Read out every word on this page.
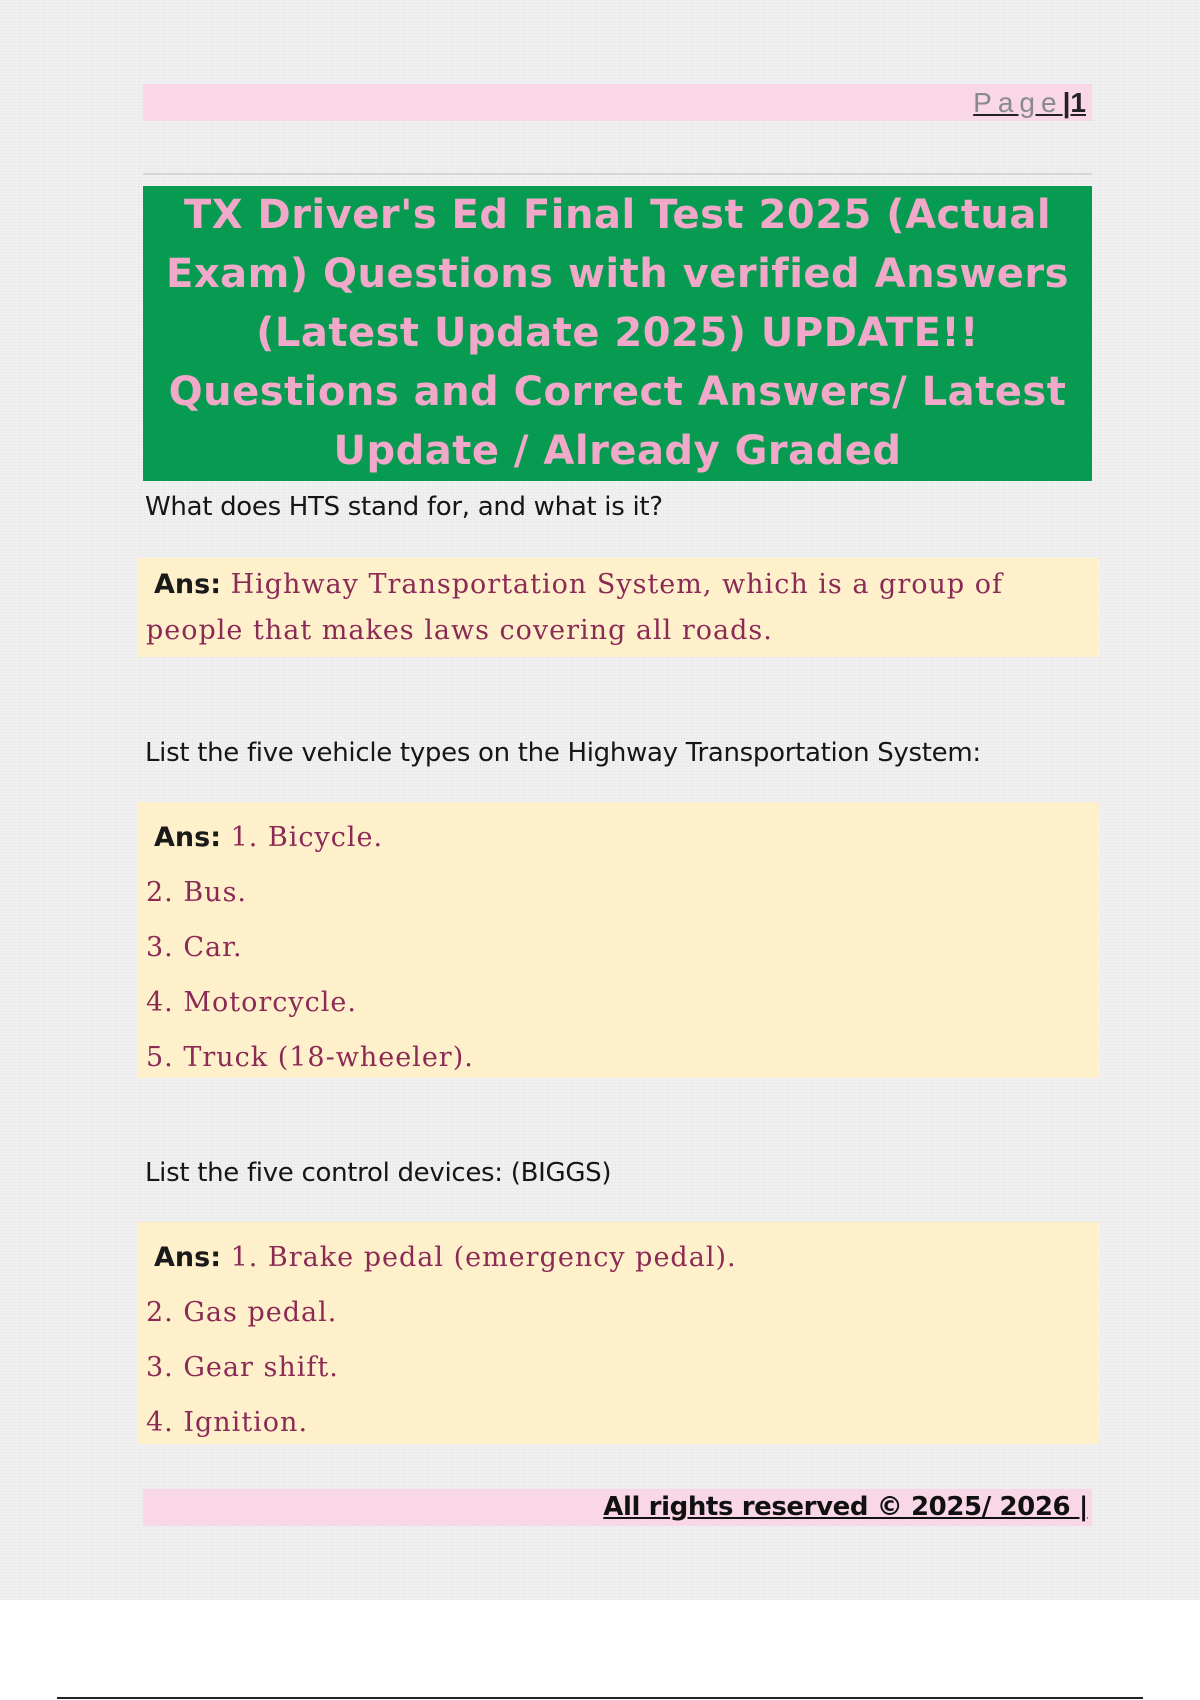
Page|1
TX Driver's Ed Final Test 2025 (Actual Exam) Questions with verified Answers (Latest Update 2025) UPDATE!! Questions and Correct Answers/ Latest Update / Already Graded
What does HTS stand for, and what is it?
Ans: Highway Transportation System, which is a group of people that makes laws covering all roads.
List the five vehicle types on the Highway Transportation System:
Ans: 1. Bicycle.
2. Bus.
3. Car.
4. Motorcycle.
5. Truck (18-wheeler).
List the five control devices: (BIGGS)
Ans: 1. Brake pedal (emergency pedal).
2. Gas pedal.
3. Gear shift.
4. Ignition.
All rights reserved © 2025/ 2026 |
